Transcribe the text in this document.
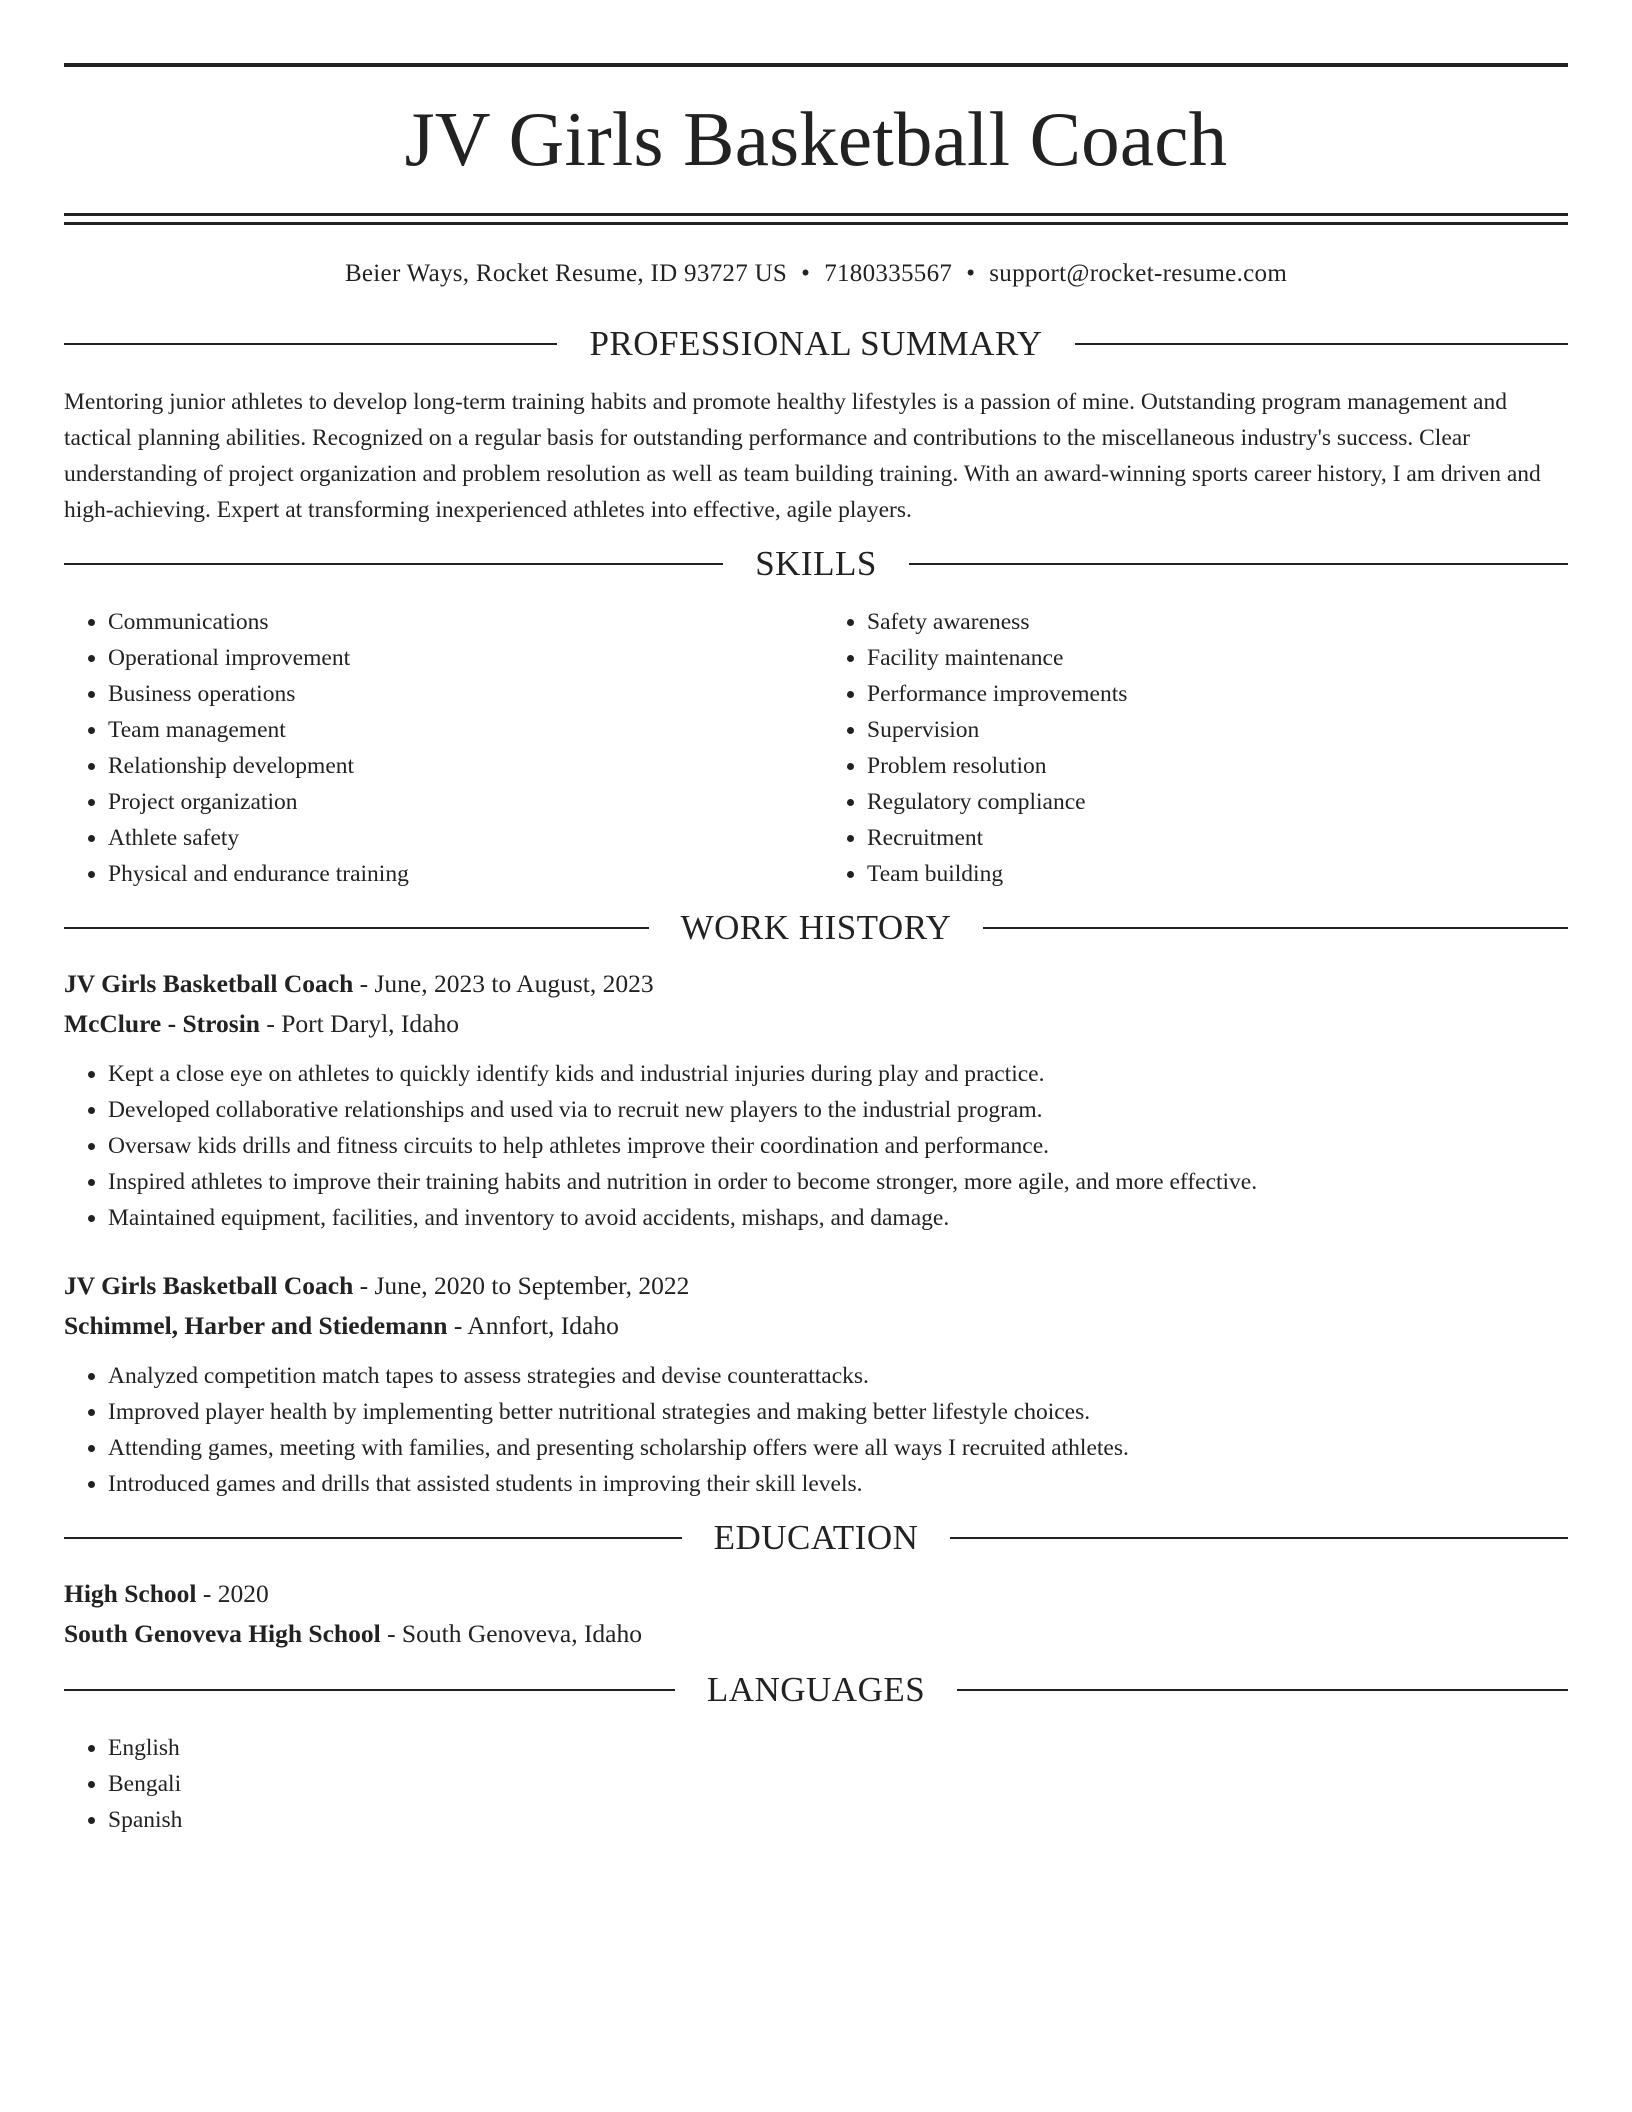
JV Girls Basketball Coach
Beier Ways, Rocket Resume, ID 93727 US • 7180335567 • support@rocket-resume.com
PROFESSIONAL SUMMARY

Mentoring junior athletes to develop long-term training habits and promote healthy lifestyles is a passion of mine. Outstanding program management and tactical planning abilities. Recognized on a regular basis for outstanding performance and contributions to the miscellaneous industry's success. Clear understanding of project organization and problem resolution as well as team building training. With an award-winning sports career history, I am driven and high-achieving. Expert at transforming inexperienced athletes into effective, agile players.

SKILLS
• Communications
• Operational improvement
• Business operations
• Team management
• Relationship development
• Project organization
• Athlete safety
• Physical and endurance training
• Safety awareness
• Facility maintenance
• Performance improvements
• Supervision
• Problem resolution
• Regulatory compliance
• Recruitment
• Team building
WORK HISTORY
JV Girls Basketball Coach - June, 2023 to August, 2023
McClure - Strosin - Port Daryl, Idaho
• Kept a close eye on athletes to quickly identify kids and industrial injuries during play and practice.
• Developed collaborative relationships and used via to recruit new players to the industrial program.
• Oversaw kids drills and fitness circuits to help athletes improve their coordination and performance.
• Inspired athletes to improve their training habits and nutrition in order to become stronger, more agile, and more effective.
• Maintained equipment, facilities, and inventory to avoid accidents, mishaps, and damage.
JV Girls Basketball Coach - June, 2020 to September, 2022
Schimmel, Harber and Stiedemann - Annfort, Idaho
• Analyzed competition match tapes to assess strategies and devise counterattacks.
• Improved player health by implementing better nutritional strategies and making better lifestyle choices.
• Attending games, meeting with families, and presenting scholarship offers were all ways I recruited athletes.
• Introduced games and drills that assisted students in improving their skill levels.
EDUCATION
High School - 2020
South Genoveva High School - South Genoveva, Idaho
LANGUAGES
• English
• Bengali
• Spanish
